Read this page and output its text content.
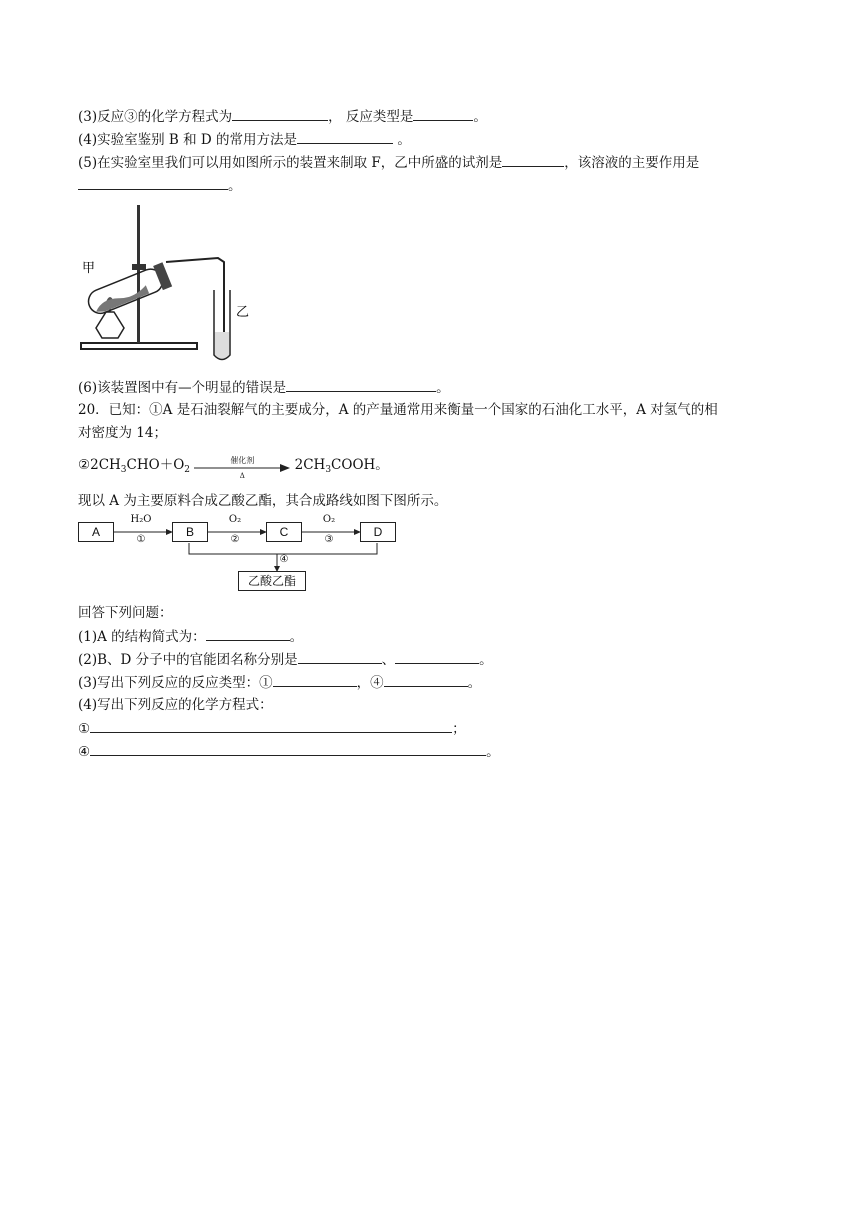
(3)反应③的化学方程式为	， 反应类型是	。
(4)实验室鉴别 B 和 D 的常用方法是	。
(5)在实验室里我们可以用如图所示的装置来制取 F，乙中所盛的试剂是	，该溶液的主要作用是
。
甲
乙
(6)该装置图中有—个明显的错误是	。
20．已知：①A 是石油裂解气的主要成分，A 的产量通常用来衡量一个国家的石油化工水平，A 对氢气的相
对密度为 14；
$②2CH_3CHO+O_2$
催化剂
Δ
$2CH_3COOH$。
现以 A 为主要原料合成乙酸乙酯，其合成路线如图下图所示。
A	B	C	D
乙酸乙酯
H₂O
①
O₂
②
O₂
③
④
回答下列问题：
(1)A 的结构简式为：	。
(2)B、D 分子中的官能团名称分别是	、	。
(3)写出下列反应的反应类型：①	，④	。
(4)写出下列反应的化学方程式：
①	；
④	。
